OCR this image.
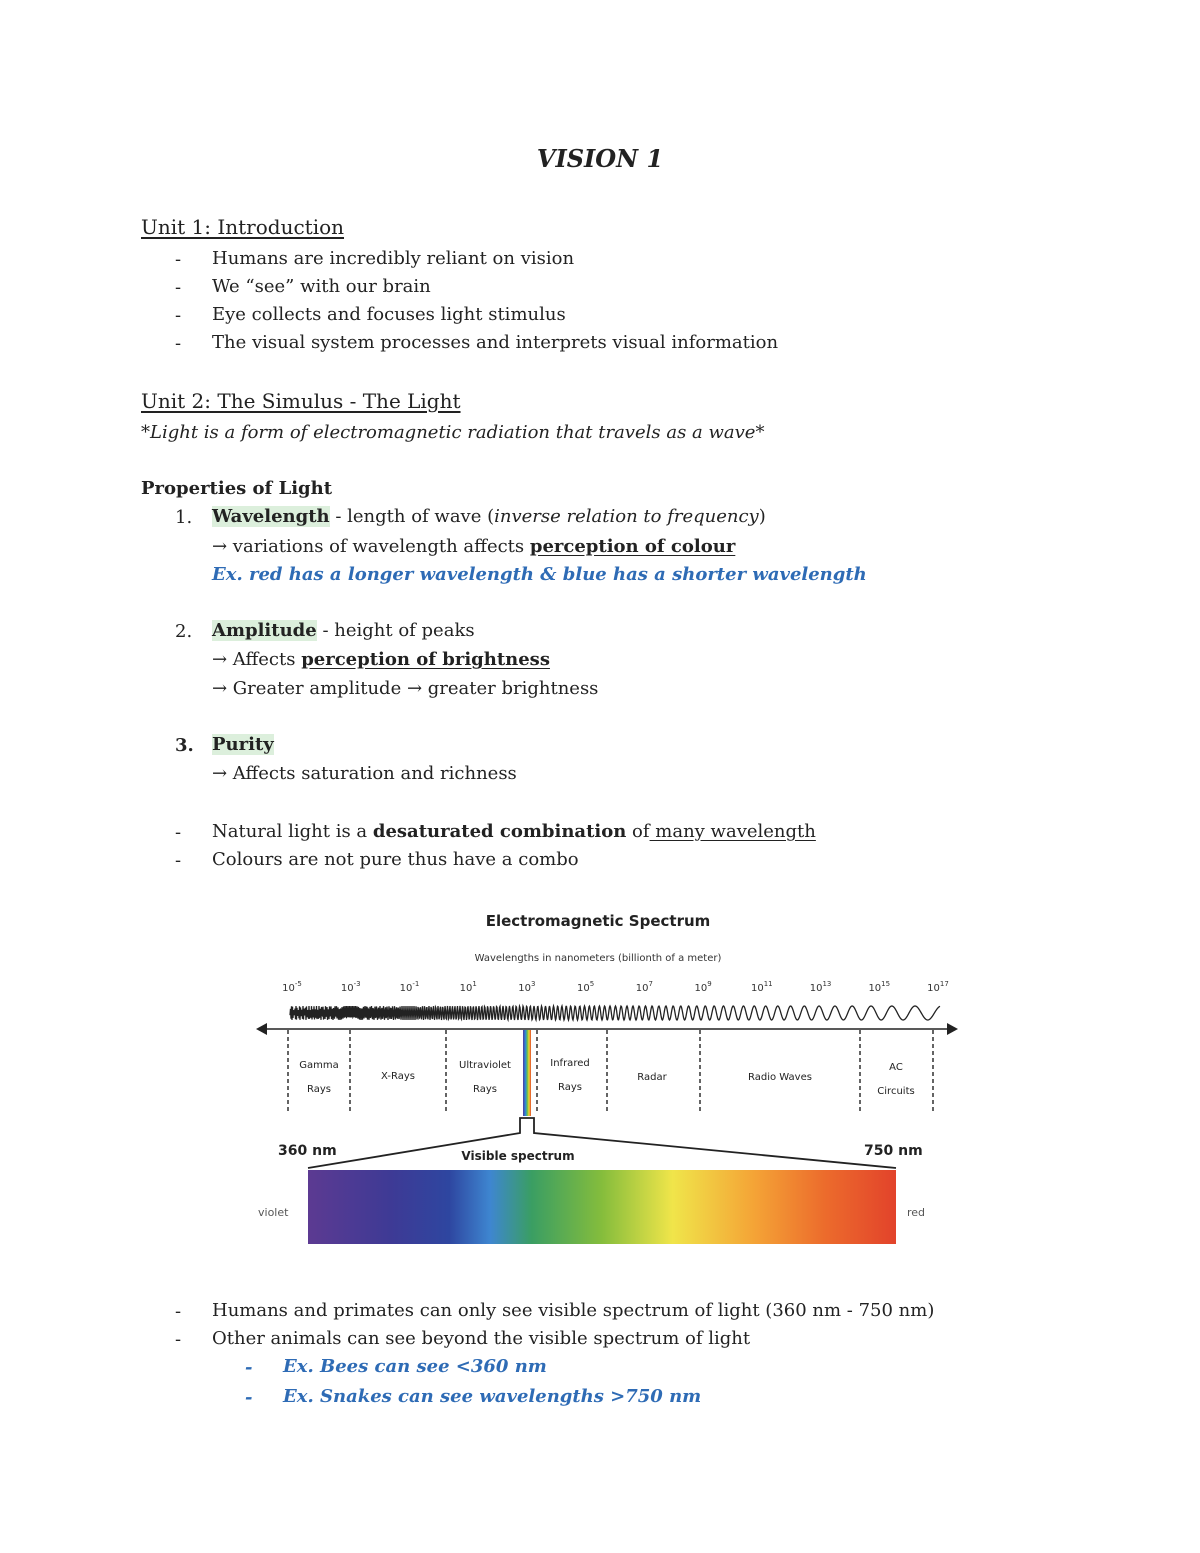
VISION 1
Unit 1: Introduction
- Humans are incredibly reliant on vision
- We “see” with our brain
- Eye collects and focuses light stimulus
- The visual system processes and interprets visual information
Unit 2: The Simulus - The Light
*Light is a form of electromagnetic radiation that travels as a wave*
Properties of Light
1. Wavelength - length of wave (inverse relation to frequency)
→ variations of wavelength affects perception of colour
Ex. red has a longer wavelength & blue has a shorter wavelength
2. Amplitude - height of peaks
→ Affects perception of brightness
→ Greater amplitude → greater brightness
3. Purity
→ Affects saturation and richness
- Natural light is a desaturated combination of many wavelength
- Colours are not pure thus have a combo
Electromagnetic Spectrum
Wavelengths in nanometers (billionth of a meter)
$10^{-5}$	$10^{-3}$	$10^{-1}$	$10^1$	$10^3$	$10^5$	$10^7$	$10^9$	$10^{11}$	$10^{13}$	$10^{15}$	$10^{17}$
Gamma
Rays
X-Rays
Ultraviolet
Rays
Infrared
Rays
Radar	Radio Waves
AC
Circuits
360 nm	750 nm
Visible spectrum
violet	red
- Humans and primates can only see visible spectrum of light (360 nm - 750 nm)
- Other animals can see beyond the visible spectrum of light
- Ex. Bees can see <360 nm
- Ex. Snakes can see wavelengths >750 nm
